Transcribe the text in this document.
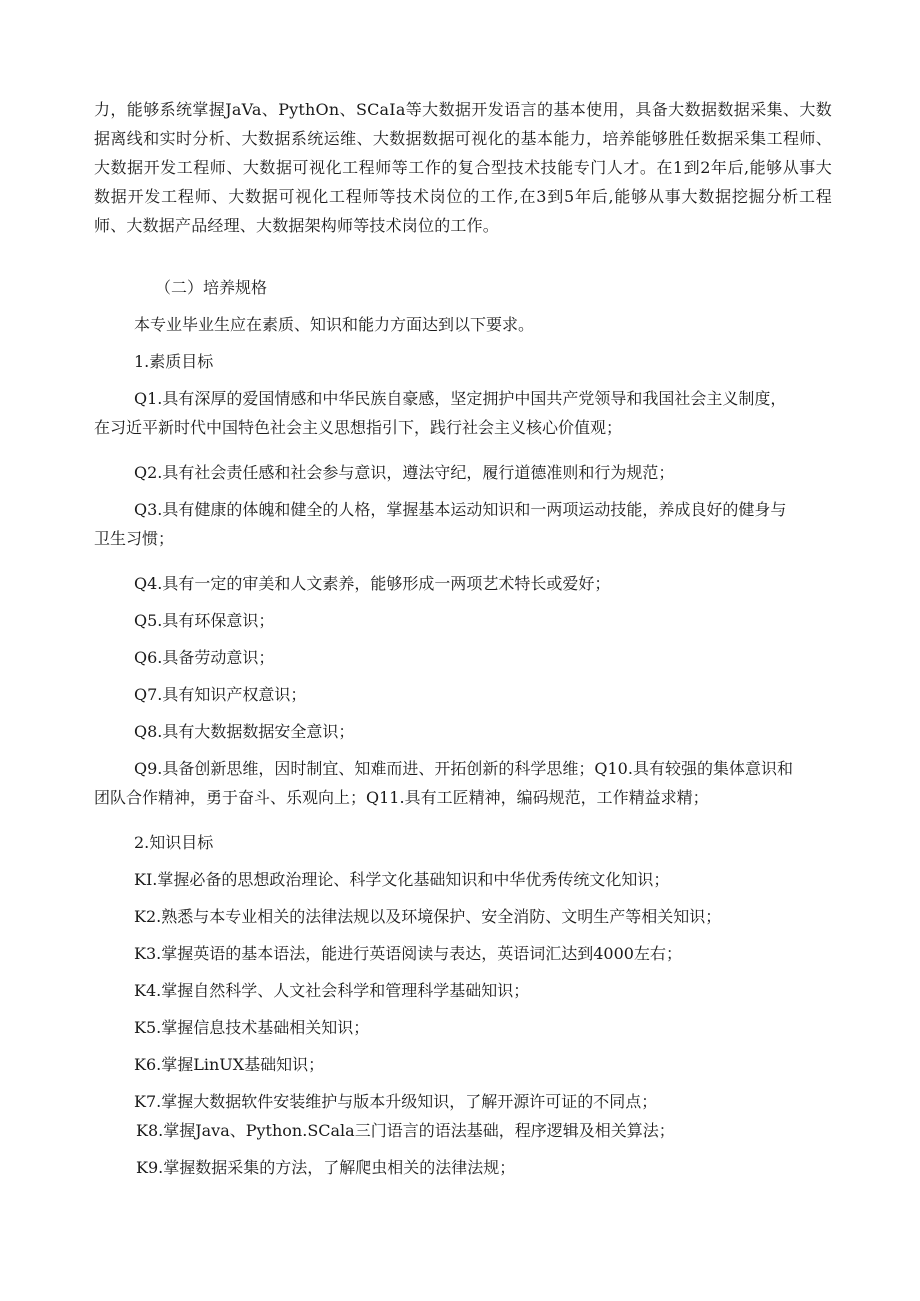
力，能够系统掌握JaVa、PythOn、SCaIa等大数据开发语言的基本使用，具备大数据数据采集、大数据离线和实时分析、大数据系统运维、大数据数据可视化的基本能力，培养能够胜任数据采集工程师、大数据开发工程师、大数据可视化工程师等工作的复合型技术技能专门人才。在1到2年后,能够从事大数据开发工程师、大数据可视化工程师等技术岗位的工作,在3到5年后,能够从事大数据挖掘分析工程师、大数据产品经理、大数据架构师等技术岗位的工作。

（二）培养规格
本专业毕业生应在素质、知识和能力方面达到以下要求。
1.素质目标
Q1.具有深厚的爱国情感和中华民族自豪感，坚定拥护中国共产党领导和我国社会主义制度，
在习近平新时代中国特色社会主义思想指引下，践行社会主义核心价值观；
Q2.具有社会责任感和社会参与意识，遵法守纪，履行道德准则和行为规范；
Q3.具有健康的体魄和健全的人格，掌握基本运动知识和一两项运动技能，养成良好的健身与
卫生习惯；
Q4.具有一定的审美和人文素养，能够形成一两项艺术特长或爱好；
Q5.具有环保意识；
Q6.具备劳动意识；
Q7.具有知识产权意识；
Q8.具有大数据数据安全意识；
Q9.具备创新思维，因时制宜、知难而进、开拓创新的科学思维；Q10.具有较强的集体意识和
团队合作精神，勇于奋斗、乐观向上；Q11.具有工匠精神，编码规范，工作精益求精；
2.知识目标
KI.掌握必备的思想政治理论、科学文化基础知识和中华优秀传统文化知识；
K2.熟悉与本专业相关的法律法规以及环境保护、安全消防、文明生产等相关知识；
K3.掌握英语的基本语法，能进行英语阅读与表达，英语词汇达到4000左右；
K4.掌握自然科学、人文社会科学和管理科学基础知识；
K5.掌握信息技术基础相关知识；
K6.掌握LinUX基础知识；
K7.掌握大数据软件安装维护与版本升级知识，了解开源许可证的不同点；
K8.掌握Java、Python.SCala三门语言的语法基础，程序逻辑及相关算法；
K9.掌握数据采集的方法，了解爬虫相关的法律法规；
